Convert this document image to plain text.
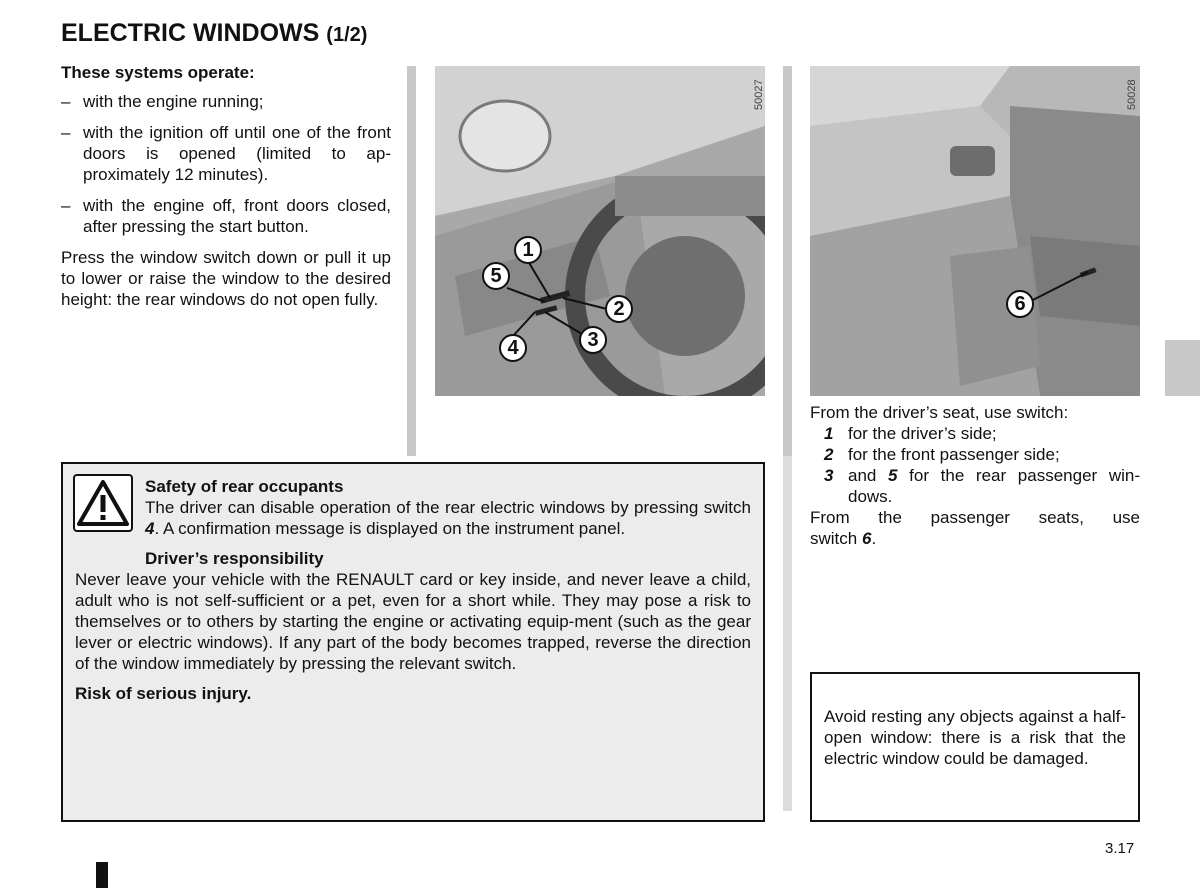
ELECTRIC WINDOWS (1/2)
These systems operate:
– with the engine running;
– with the ignition off until one of the front doors is opened (limited to ap-proximately 12 minutes).
– with the engine off, front doors closed, after pressing the start button.
Press the window switch down or pull it up to lower or raise the window to the desired height: the rear windows do not open fully.
1
2
3
4
5
50027
6
50028
Safety of rear occupants
The driver can disable operation of the rear electric windows by pressing switch 4. A confirmation message is displayed on the instrument panel.
Driver’s responsibility
Never leave your vehicle with the RENAULT card or key inside, and never leave a child, adult who is not self-sufficient or a pet, even for a short while. They may pose a risk to themselves or to others by starting the engine or activating equip-ment (such as the gear lever or electric windows). If any part of the body becomes trapped, reverse the direction of the window immediately by pressing the relevant switch.
Risk of serious injury.
From the driver’s seat, use switch:
1 for the driver’s side;
2 for the front passenger side;
3 and 5 for the rear passenger win-
dows.
From the passenger seats, use
switch 6.
Avoid resting any objects against a half-open window: there is a risk that the electric window could be damaged.
3.17
